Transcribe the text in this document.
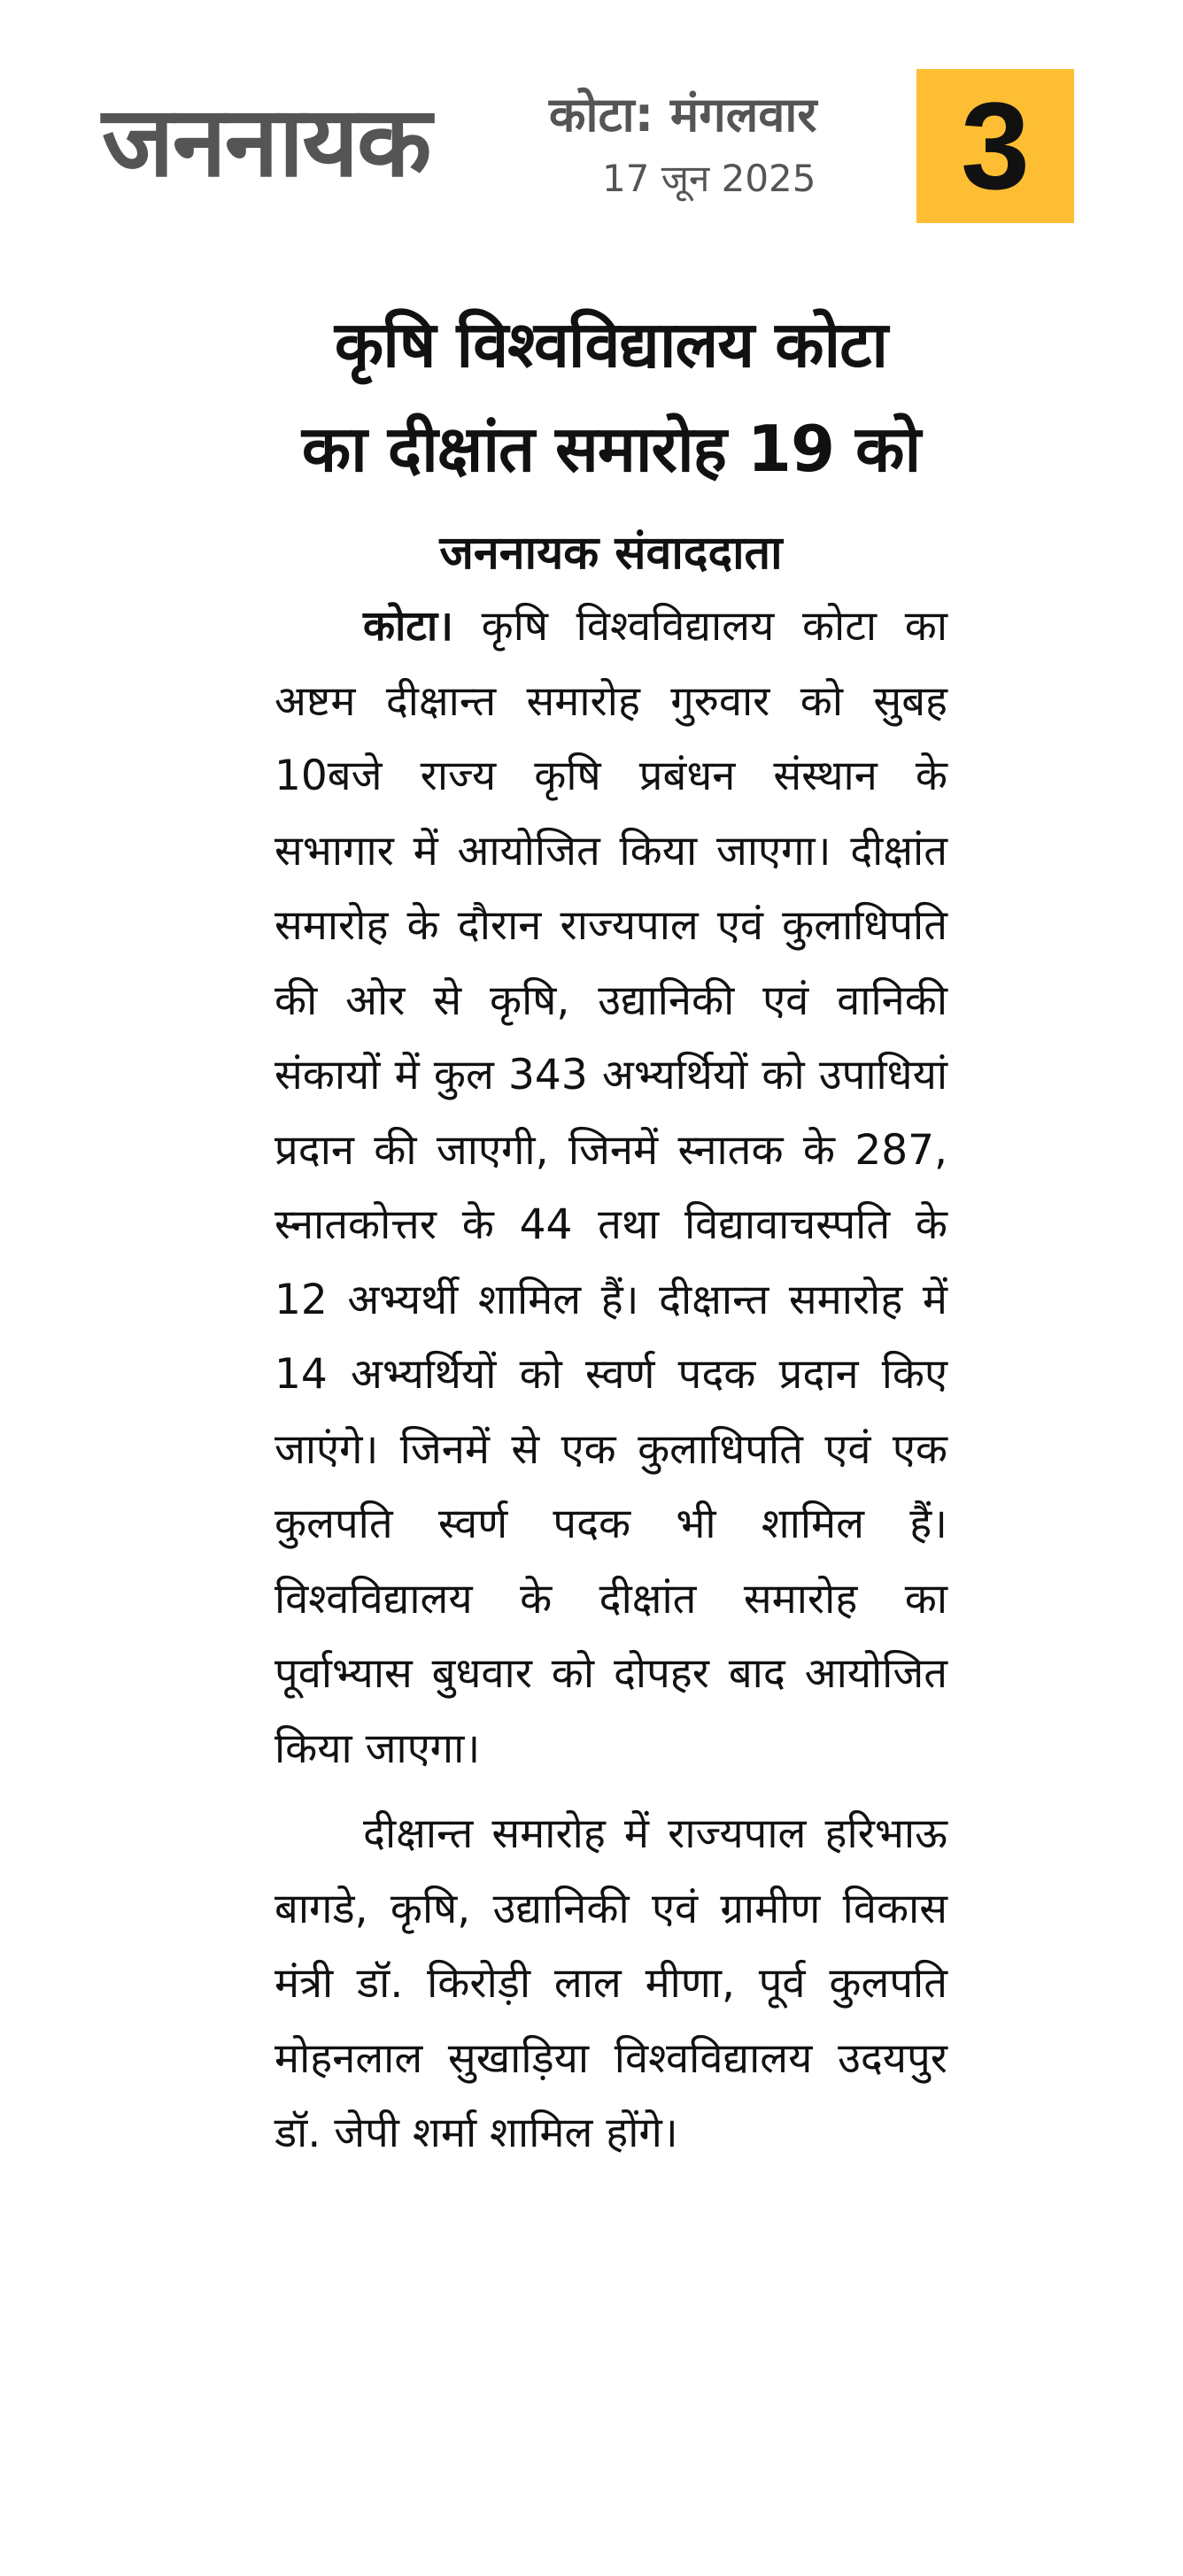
जननायक कोटा: मंगलवार
17 जून 2025 3
कृषि विश्वविद्यालय कोटा
का दीक्षांत समारोह 19 को
जननायक संवाददाता

कोटा। कृषि विश्वविद्यालय कोटा का अष्टम दीक्षान्त समारोह गुरुवार को सुबह 10बजे राज्य कृषि प्रबंधन संस्थान के सभागार में आयोजित किया जाएगा। दीक्षांत समारोह के दौरान राज्यपाल एवं कुलाधिपति की ओर से कृषि, उद्यानिकी एवं वानिकी संकायों में कुल 343 अभ्यर्थियों को उपाधियां प्रदान की जाएगी, जिनमें स्नातक के 287, स्नातकोत्तर के 44 तथा विद्यावाचस्पति के 12 अभ्यर्थी शामिल हैं। दीक्षान्त समारोह में 14 अभ्यर्थियों को स्वर्ण पदक प्रदान किए जाएंगे। जिनमें से एक कुलाधिपति एवं एक कुलपति स्वर्ण पदक भी शामिल हैं। विश्वविद्यालय के दीक्षांत समारोह का पूर्वाभ्यास बुधवार को दोपहर बाद आयोजित किया जाएगा।

दीक्षान्त समारोह में राज्यपाल हरिभाऊ बागडे, कृषि, उद्यानिकी एवं ग्रामीण विकास मंत्री डॉ. किरोड़ी लाल मीणा, पूर्व कुलपति मोहनलाल सुखाड़िया विश्वविद्यालय उदयपुर डॉ. जेपी शर्मा शामिल होंगे।
